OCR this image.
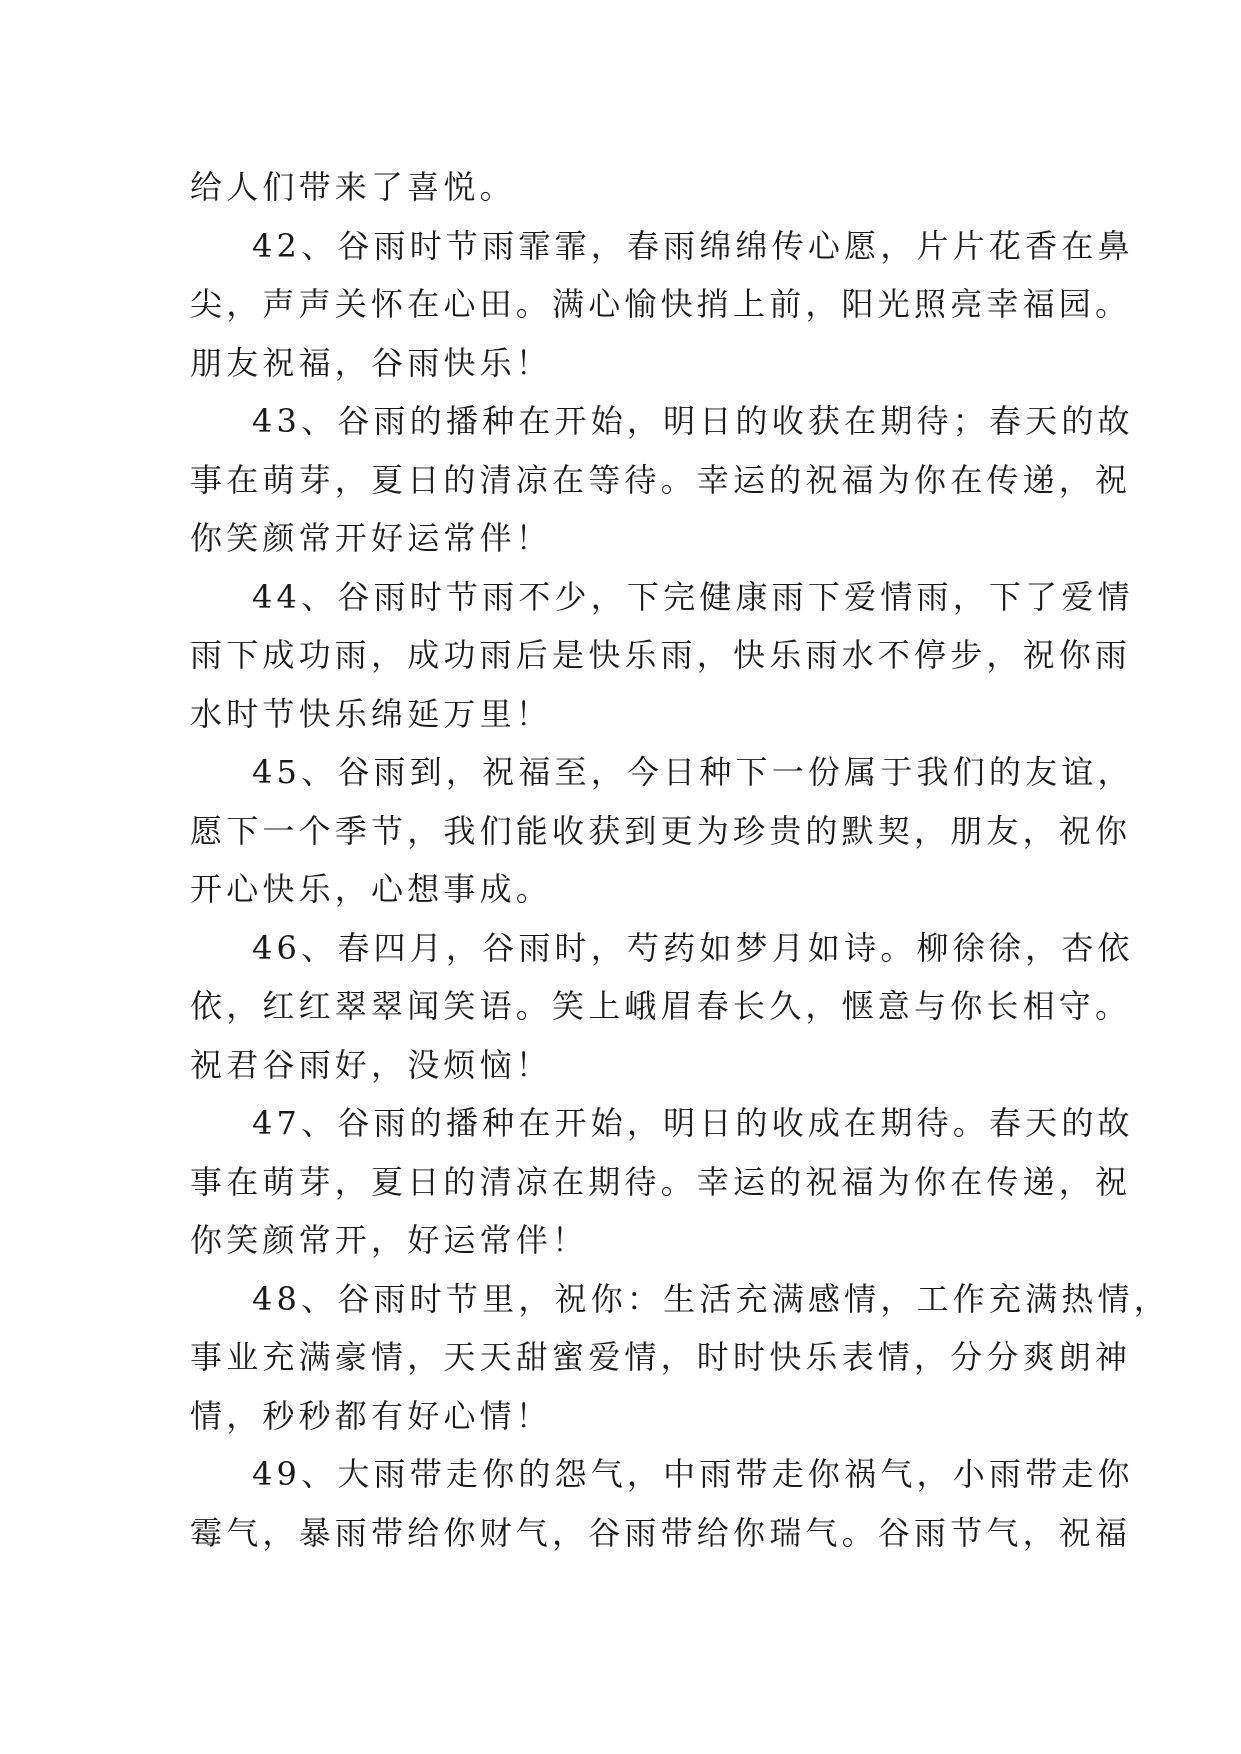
给人们带来了喜悦。
42、谷雨时节雨霏霏，春雨绵绵传心愿，片片花香在鼻
尖，声声关怀在心田。满心愉快捎上前，阳光照亮幸福园。
朋友祝福，谷雨快乐！
43、谷雨的播种在开始，明日的收获在期待；春天的故
事在萌芽，夏日的清凉在等待。幸运的祝福为你在传递，祝
你笑颜常开好运常伴！
44、谷雨时节雨不少，下完健康雨下爱情雨，下了爱情
雨下成功雨，成功雨后是快乐雨，快乐雨水不停步，祝你雨
水时节快乐绵延万里！
45、谷雨到，祝福至，今日种下一份属于我们的友谊，
愿下一个季节，我们能收获到更为珍贵的默契，朋友，祝你
开心快乐，心想事成。
46、春四月，谷雨时，芍药如梦月如诗。柳徐徐，杏依
依，红红翠翠闻笑语。笑上峨眉春长久，惬意与你长相守。
祝君谷雨好，没烦恼！
47、谷雨的播种在开始，明日的收成在期待。春天的故
事在萌芽，夏日的清凉在期待。幸运的祝福为你在传递，祝
你笑颜常开，好运常伴！
48、谷雨时节里，祝你：生活充满感情，工作充满热情，
事业充满豪情，天天甜蜜爱情，时时快乐表情，分分爽朗神
情，秒秒都有好心情！
49、大雨带走你的怨气，中雨带走你祸气，小雨带走你
霉气，暴雨带给你财气，谷雨带给你瑞气。谷雨节气，祝福
